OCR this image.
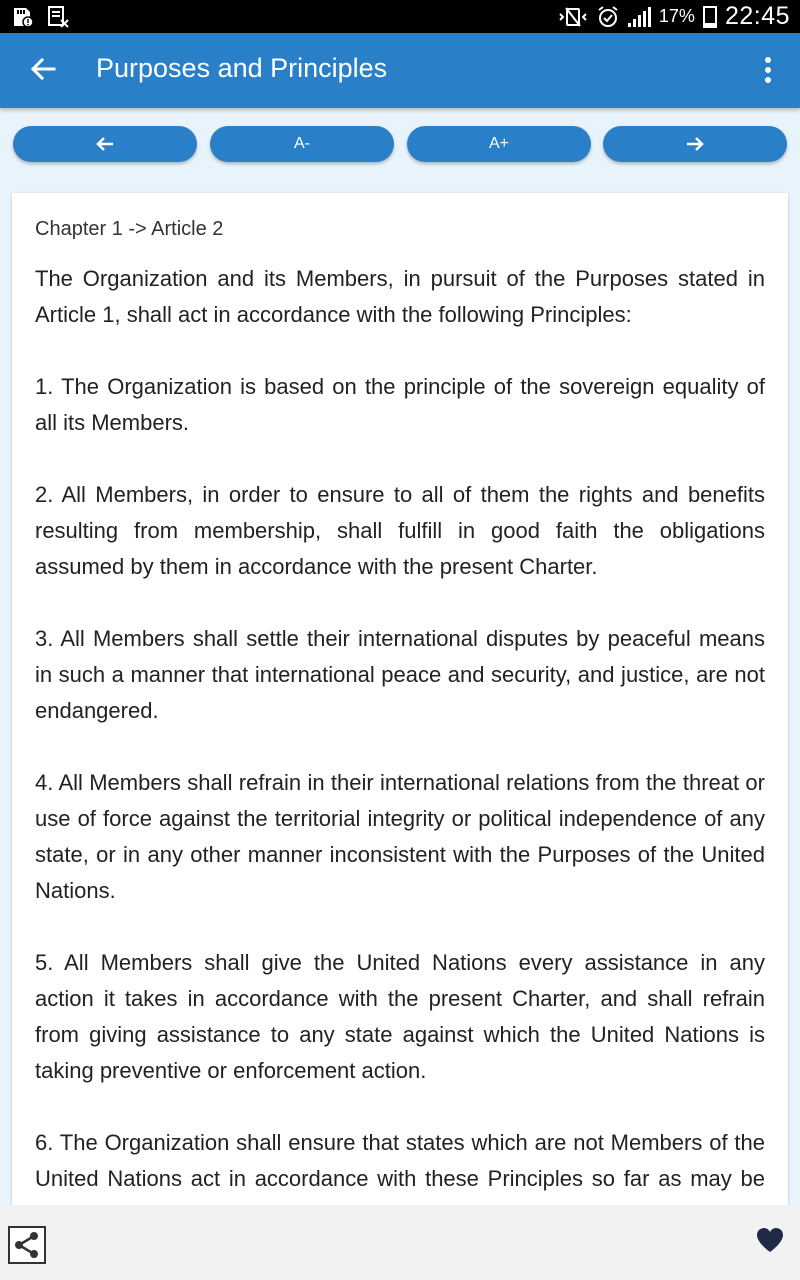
17% 22:45
Purposes and Principles
A-	A+
Chapter 1 -> Article 2

The Organization and its Members, in pursuit of the Purposes stated in Article 1, shall act in accordance with the following Principles:

1. The Organization is based on the principle of the sovereign equality of all its Members.

2. All Members, in order to ensure to all of them the rights and benefits resulting from membership, shall fulfill in good faith the obligations assumed by them in accordance with the present Charter.

3. All Members shall settle their international disputes by peaceful means in such a manner that international peace and security, and justice, are not endangered.

4. All Members shall refrain in their international relations from the threat or use of force against the territorial integrity or political independence of any state, or in any other manner inconsistent with the Purposes of the United Nations.

5. All Members shall give the United Nations every assistance in any action it takes in accordance with the present Charter, and shall refrain from giving assistance to any state against which the United Nations is taking preventive or enforcement action.

6. The Organization shall ensure that states which are not Members of the United Nations act in accordance with these Principles so far as may be
